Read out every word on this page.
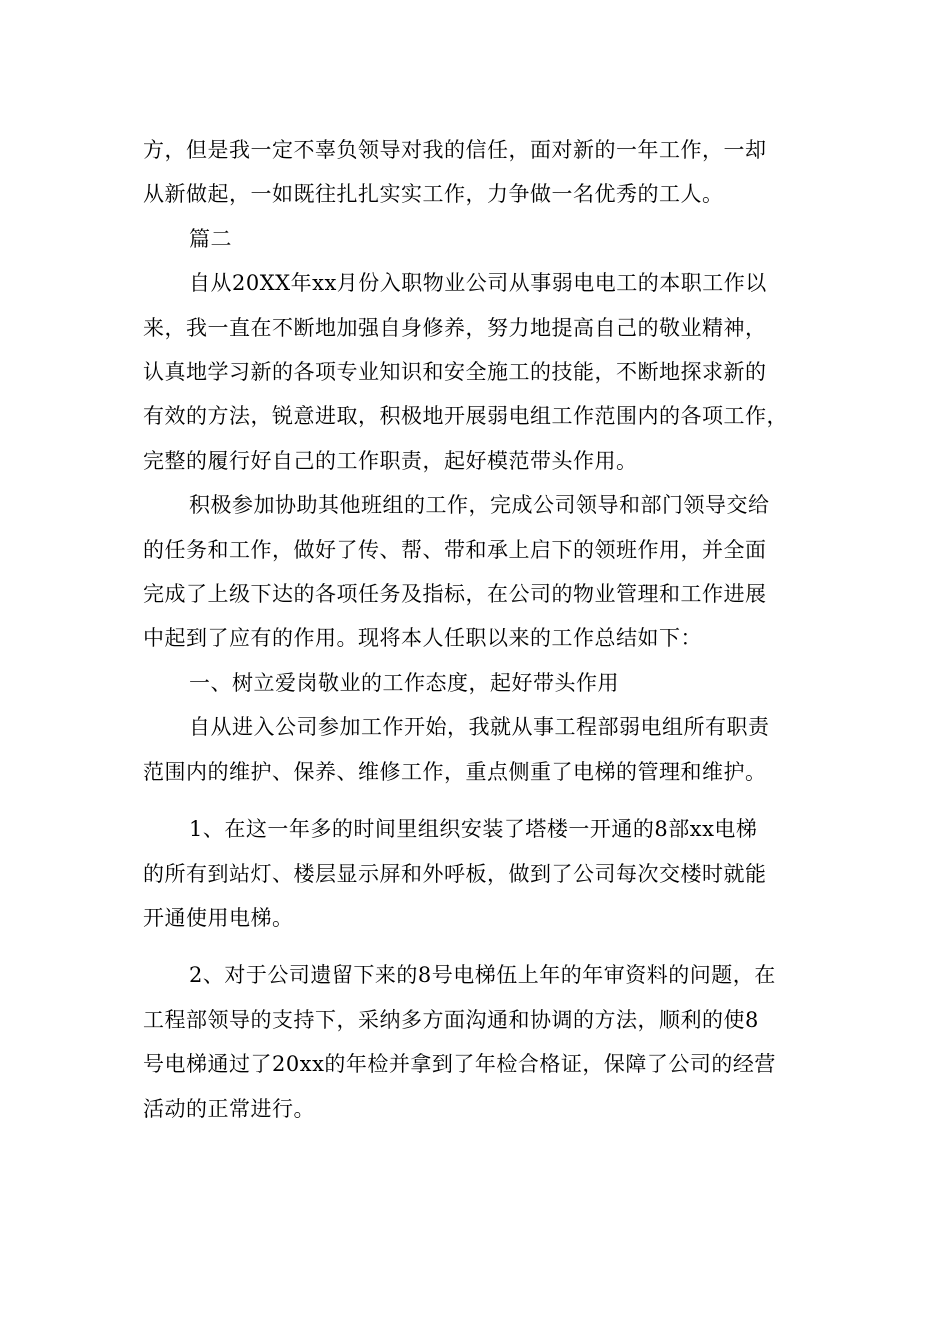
方，但是我一定不辜负领导对我的信任，面对新的一年工作，一却
从新做起，一如既往扎扎实实工作，力争做一名优秀的工人。

篇二

自从20XX年xx月份入职物业公司从事弱电电工的本职工作以
来，我一直在不断地加强自身修养，努力地提高自己的敬业精神，
认真地学习新的各项专业知识和安全施工的技能，不断地探求新的
有效的方法，锐意进取，积极地开展弱电组工作范围内的各项工作，
完整的履行好自己的工作职责，起好模范带头作用。

积极参加协助其他班组的工作，完成公司领导和部门领导交给
的任务和工作，做好了传、帮、带和承上启下的领班作用，并全面
完成了上级下达的各项任务及指标，在公司的物业管理和工作进展
中起到了应有的作用。现将本人任职以来的工作总结如下：

一、树立爱岗敬业的工作态度，起好带头作用

自从进入公司参加工作开始，我就从事工程部弱电组所有职责
范围内的维护、保养、维修工作，重点侧重了电梯的管理和维护。

1、在这一年多的时间里组织安装了塔楼一开通的8部xx电梯
的所有到站灯、楼层显示屏和外呼板，做到了公司每次交楼时就能
开通使用电梯。

2、对于公司遗留下来的8号电梯伍上年的年审资料的问题，在
工程部领导的支持下，采纳多方面沟通和协调的方法，顺利的使8
号电梯通过了20xx的年检并拿到了年检合格证，保障了公司的经营
活动的正常进行。
